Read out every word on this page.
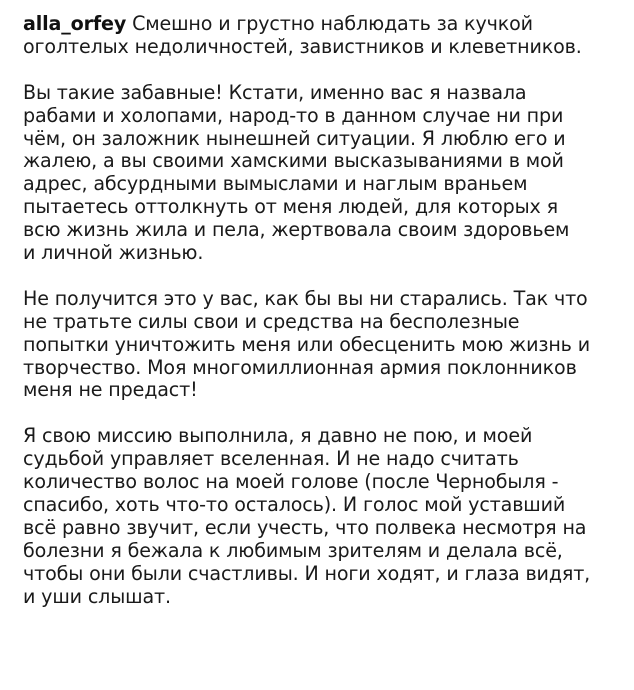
alla_orfey Смешно и грустно наблюдать за кучкой
оголтелых недоличностей, завистников и клеветников.
Вы такие забавные! Кстати, именно вас я назвала
рабами и холопами, народ-то в данном случае ни при
чём, он заложник нынешней ситуации. Я люблю его и
жалею, а вы своими хамскими высказываниями в мой
адрес, абсурдными вымыслами и наглым враньем
пытаетесь оттолкнуть от меня людей, для которых я
всю жизнь жила и пела, жертвовала своим здоровьем
и личной жизнью.
Не получится это у вас, как бы вы ни старались. Так что
не тратьте силы свои и средства на бесполезные
попытки уничтожить меня или обесценить мою жизнь и
творчество. Моя многомиллионная армия поклонников
меня не предаст!
Я свою миссию выполнила, я давно не пою, и моей
судьбой управляет вселенная. И не надо считать
количество волос на моей голове (после Чернобыля -
спасибо, хоть что-то осталось). И голос мой уставший
всё равно звучит, если учесть, что полвека несмотря на
болезни я бежала к любимым зрителям и делала всё,
чтобы они были счастливы. И ноги ходят, и глаза видят,
и уши слышат.
